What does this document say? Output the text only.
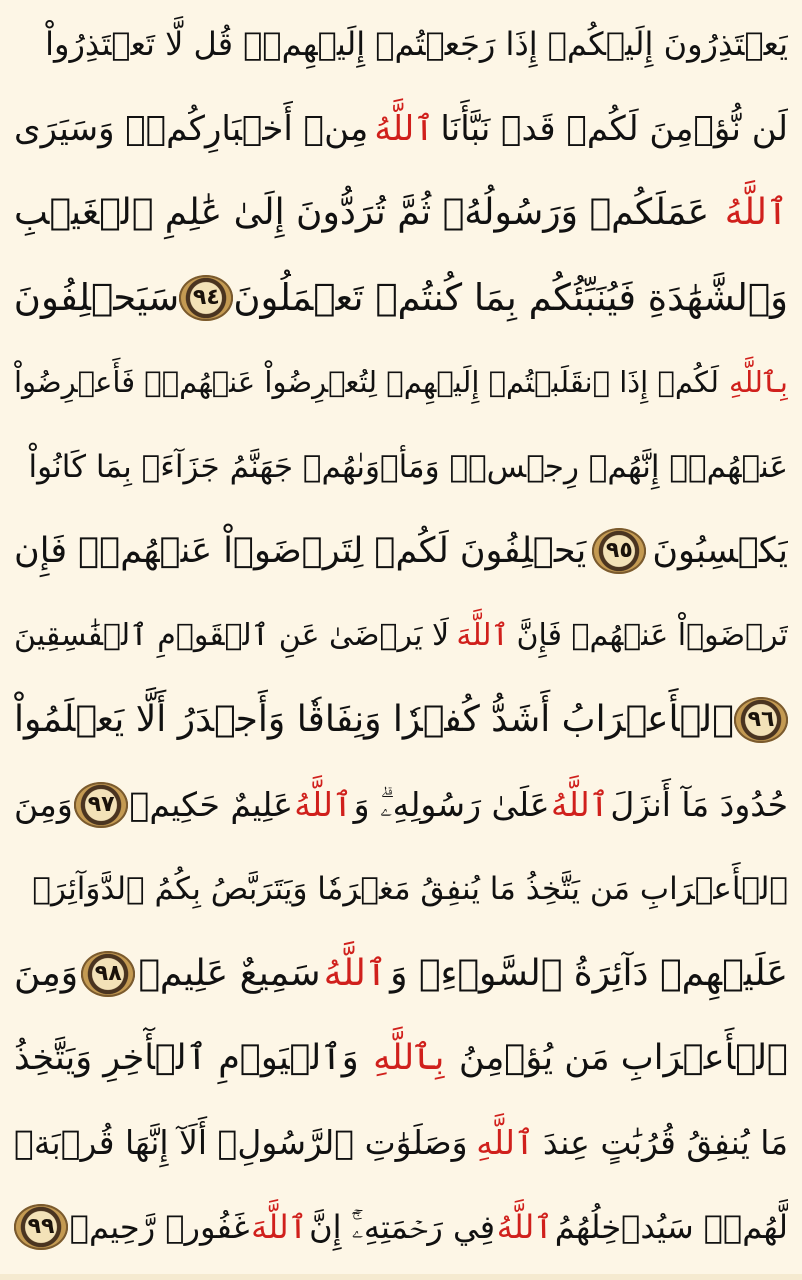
يَعۡتَذِرُونَ إِلَيۡكُمۡ إِذَا رَجَعۡتُمۡ إِلَيۡهِمۡۚ قُل لَّا تَعۡتَذِرُواْ
لَن نُّؤۡمِنَ لَكُمۡ قَدۡ نَبَّأَنَا
ٱللَّهُ
مِنۡ أَخۡبَارِكُمۡۚ وَسَيَرَى
ٱللَّهُ
عَمَلَكُمۡ وَرَسُولُهُۥ ثُمَّ تُرَدُّونَ إِلَىٰ عَٰلِمِ ٱلۡغَيۡبِ
وَٱلشَّهَٰدَةِ فَيُنَبِّئُكُم بِمَا كُنتُمۡ تَعۡمَلُونَ
٩٤
سَيَحۡلِفُونَ
بِٱللَّهِ
لَكُمۡ إِذَا ٱنقَلَبۡتُمۡ إِلَيۡهِمۡ لِتُعۡرِضُواْ عَنۡهُمۡۖ فَأَعۡرِضُواْ
عَنۡهُمۡۖ إِنَّهُمۡ رِجۡسٞۖ وَمَأۡوَىٰهُمۡ جَهَنَّمُ جَزَآءَۢ بِمَا كَانُواْ
يَكۡسِبُونَ
٩٥
يَحۡلِفُونَ لَكُمۡ لِتَرۡضَوۡاْ عَنۡهُمۡۖ فَإِن
تَرۡضَوۡاْ عَنۡهُمۡ فَإِنَّ
ٱللَّهَ
لَا يَرۡضَىٰ عَنِ ٱلۡقَوۡمِ ٱلۡفَٰسِقِينَ
٩٦
ٱلۡأَعۡرَابُ أَشَدُّ كُفۡرٗا وَنِفَاقٗا وَأَجۡدَرُ أَلَّا يَعۡلَمُواْ
حُدُودَ مَآ أَنزَلَ
ٱللَّهُ
عَلَىٰ رَسُولِهِۦۗ وَ
ٱللَّهُ
عَلِيمٌ حَكِيمٞ
٩٧
وَمِنَ
ٱلۡأَعۡرَابِ مَن يَتَّخِذُ مَا يُنفِقُ مَغۡرَمٗا وَيَتَرَبَّصُ بِكُمُ ٱلدَّوَآئِرَۚ
عَلَيۡهِمۡ دَآئِرَةُ ٱلسَّوۡءِۗ وَ
ٱللَّهُ
سَمِيعٌ عَلِيمٞ
٩٨
وَمِنَ
ٱلۡأَعۡرَابِ مَن يُؤۡمِنُ
بِٱللَّهِ
وَٱلۡيَوۡمِ ٱلۡأٓخِرِ وَيَتَّخِذُ
مَا يُنفِقُ قُرُبَٰتٍ عِندَ
ٱللَّهِ
وَصَلَوَٰتِ ٱلرَّسُولِۚ أَلَآ إِنَّهَا قُرۡبَةٞ
لَّهُمۡۚ سَيُدۡخِلُهُمُ
ٱللَّهُ
فِي رَحۡمَتِهِۦٓۚ إِنَّ
ٱللَّهَ
غَفُورٞ رَّحِيمٞ
٩٩
